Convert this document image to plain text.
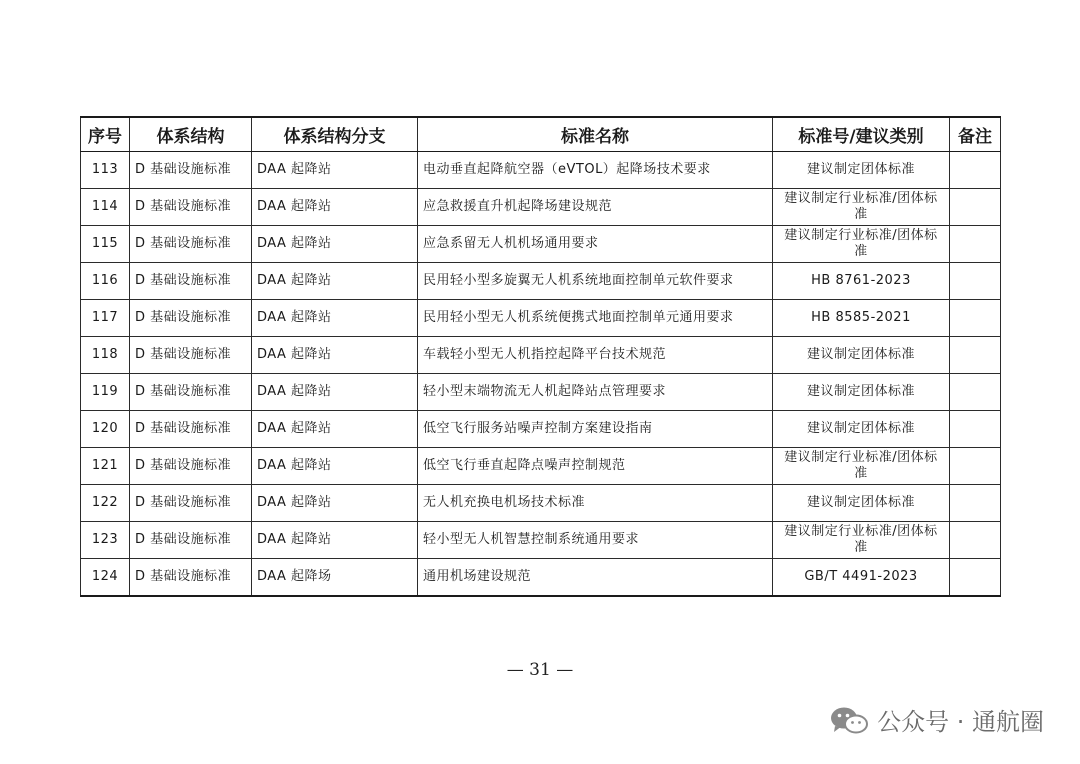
序号	体系结构	体系结构分支	标准名称	标准号/建议类别	备注
113	D 基础设施标准	DAA 起降站	电动垂直起降航空器（eVTOL）起降场技术要求	建议制定团体标准	
114	D 基础设施标准	DAA 起降站	应急救援直升机起降场建设规范	建议制定行业标准/团体标准	
115	D 基础设施标准	DAA 起降站	应急系留无人机机场通用要求	建议制定行业标准/团体标准	
116	D 基础设施标准	DAA 起降站	民用轻小型多旋翼无人机系统地面控制单元软件要求	HB 8761-2023	
117	D 基础设施标准	DAA 起降站	民用轻小型无人机系统便携式地面控制单元通用要求	HB 8585-2021	
118	D 基础设施标准	DAA 起降站	车载轻小型无人机指控起降平台技术规范	建议制定团体标准	
119	D 基础设施标准	DAA 起降站	轻小型末端物流无人机起降站点管理要求	建议制定团体标准	
120	D 基础设施标准	DAA 起降站	低空飞行服务站噪声控制方案建设指南	建议制定团体标准	
121	D 基础设施标准	DAA 起降站	低空飞行垂直起降点噪声控制规范	建议制定行业标准/团体标准	
122	D 基础设施标准	DAA 起降站	无人机充换电机场技术标准	建议制定团体标准	
123	D 基础设施标准	DAA 起降站	轻小型无人机智慧控制系统通用要求	建议制定行业标准/团体标准	
124	D 基础设施标准	DAA 起降场	通用机场建设规范	GB/T 4491-2023	
— 31 —
公众号 · 通航圈
